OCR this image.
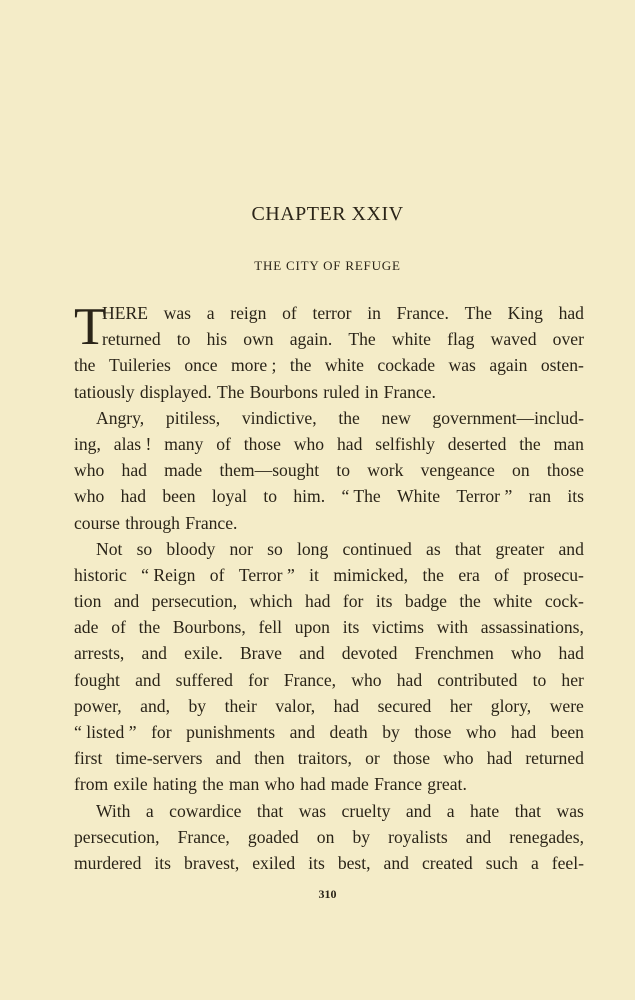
CHAPTER XXIV
THE CITY OF REFUGE
T
HERE was a reign of terror in France. The King had
returned to his own again. The white flag waved over
the Tuileries once more ; the white cockade was again osten-
tatiously displayed. The Bourbons ruled in France.
Angry, pitiless, vindictive, the new government—includ-
ing, alas ! many of those who had selfishly deserted the man
who had made them—sought to work vengeance on those
who had been loyal to him. “ The White Terror ” ran its
course through France.
Not so bloody nor so long continued as that greater and
historic “ Reign of Terror ” it mimicked, the era of prosecu-
tion and persecution, which had for its badge the white cock-
ade of the Bourbons, fell upon its victims with assassinations,
arrests, and exile. Brave and devoted Frenchmen who had
fought and suffered for France, who had contributed to her
power, and, by their valor, had secured her glory, were
“ listed ” for punishments and death by those who had been
first time-servers and then traitors, or those who had returned
from exile hating the man who had made France great.
With a cowardice that was cruelty and a hate that was
persecution, France, goaded on by royalists and renegades,
murdered its bravest, exiled its best, and created such a feel-
310
